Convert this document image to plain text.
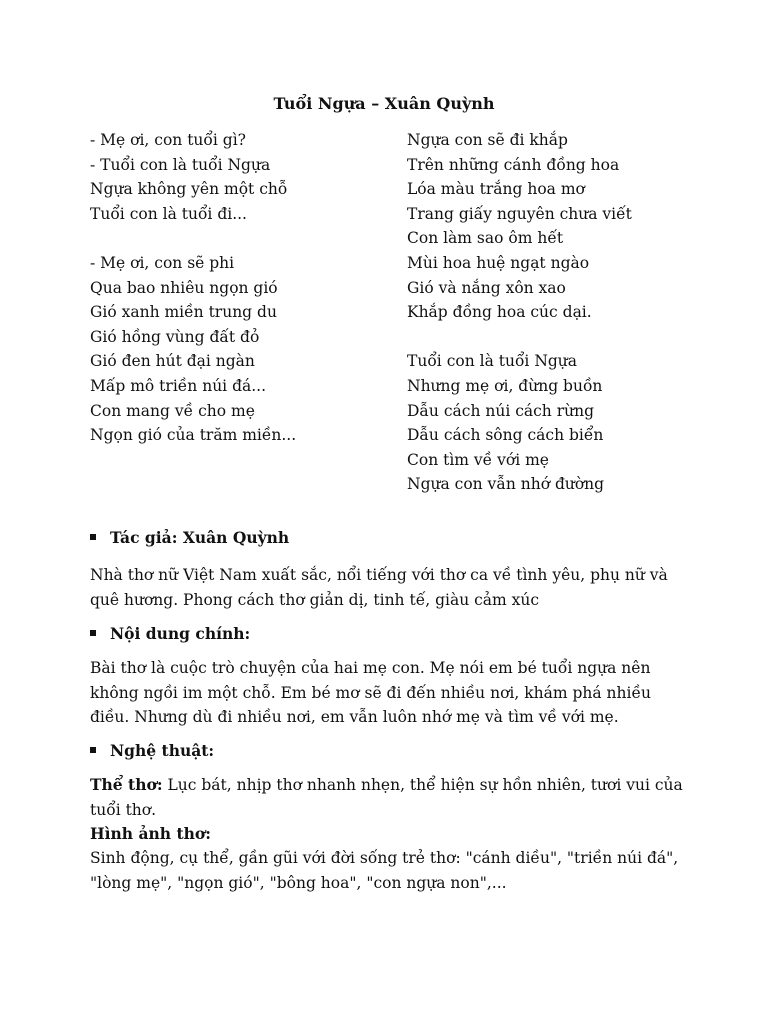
Tuổi Ngựa – Xuân Quỳnh
- Mẹ ơi, con tuổi gì?
- Tuổi con là tuổi Ngựa
Ngựa không yên một chỗ
Tuổi con là tuổi đi...
- Mẹ ơi, con sẽ phi
Qua bao nhiêu ngọn gió
Gió xanh miền trung du
Gió hồng vùng đất đỏ
Gió đen hút đại ngàn
Mấp mô triền núi đá...
Con mang về cho mẹ
Ngọn gió của trăm miền...
Ngựa con sẽ đi khắp
Trên những cánh đồng hoa
Lóa màu trắng hoa mơ
Trang giấy nguyên chưa viết
Con làm sao ôm hết
Mùi hoa huệ ngạt ngào
Gió và nắng xôn xao
Khắp đồng hoa cúc dại.
Tuổi con là tuổi Ngựa
Nhưng mẹ ơi, đừng buồn
Dẫu cách núi cách rừng
Dẫu cách sông cách biển
Con tìm về với mẹ
Ngựa con vẫn nhớ đường
Tác giả: Xuân Quỳnh
Nhà thơ nữ Việt Nam xuất sắc, nổi tiếng với thơ ca về tình yêu, phụ nữ và quê hương. Phong cách thơ giản dị, tinh tế, giàu cảm xúc
Nội dung chính:
Bài thơ là cuộc trò chuyện của hai mẹ con. Mẹ nói em bé tuổi ngựa nên không ngồi im một chỗ. Em bé mơ sẽ đi đến nhiều nơi, khám phá nhiều điều. Nhưng dù đi nhiều nơi, em vẫn luôn nhớ mẹ và tìm về với mẹ.
Nghệ thuật:
Thể thơ: Lục bát, nhịp thơ nhanh nhẹn, thể hiện sự hồn nhiên, tươi vui của tuổi thơ.
Hình ảnh thơ:
Sinh động, cụ thể, gần gũi với đời sống trẻ thơ: "cánh diều", "triền núi đá", "lòng mẹ", "ngọn gió", "bông hoa", "con ngựa non",...
